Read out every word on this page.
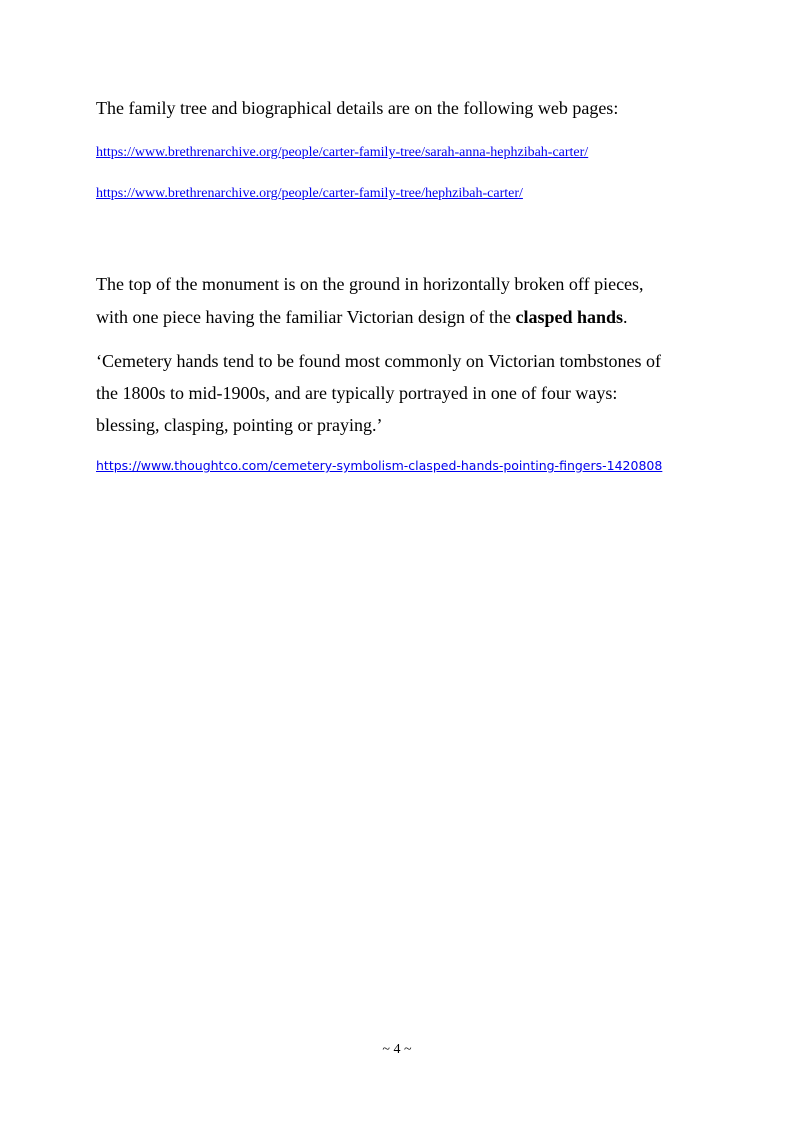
The family tree and biographical details are on the following web pages:

https://www.brethrenarchive.org/people/carter-family-tree/sarah-anna-hephzibah-carter/
https://www.brethrenarchive.org/people/carter-family-tree/hephzibah-carter/

The top of the monument is on the ground in horizontally broken off pieces,
with one piece having the familiar Victorian design of the clasped hands.

‘Cemetery hands tend to be found most commonly on Victorian tombstones of
the 1800s to mid-1900s, and are typically portrayed in one of four ways:
blessing, clasping, pointing or praying.’

https://www.thoughtco.com/cemetery-symbolism-clasped-hands-pointing-fingers-1420808
~ 4 ~
